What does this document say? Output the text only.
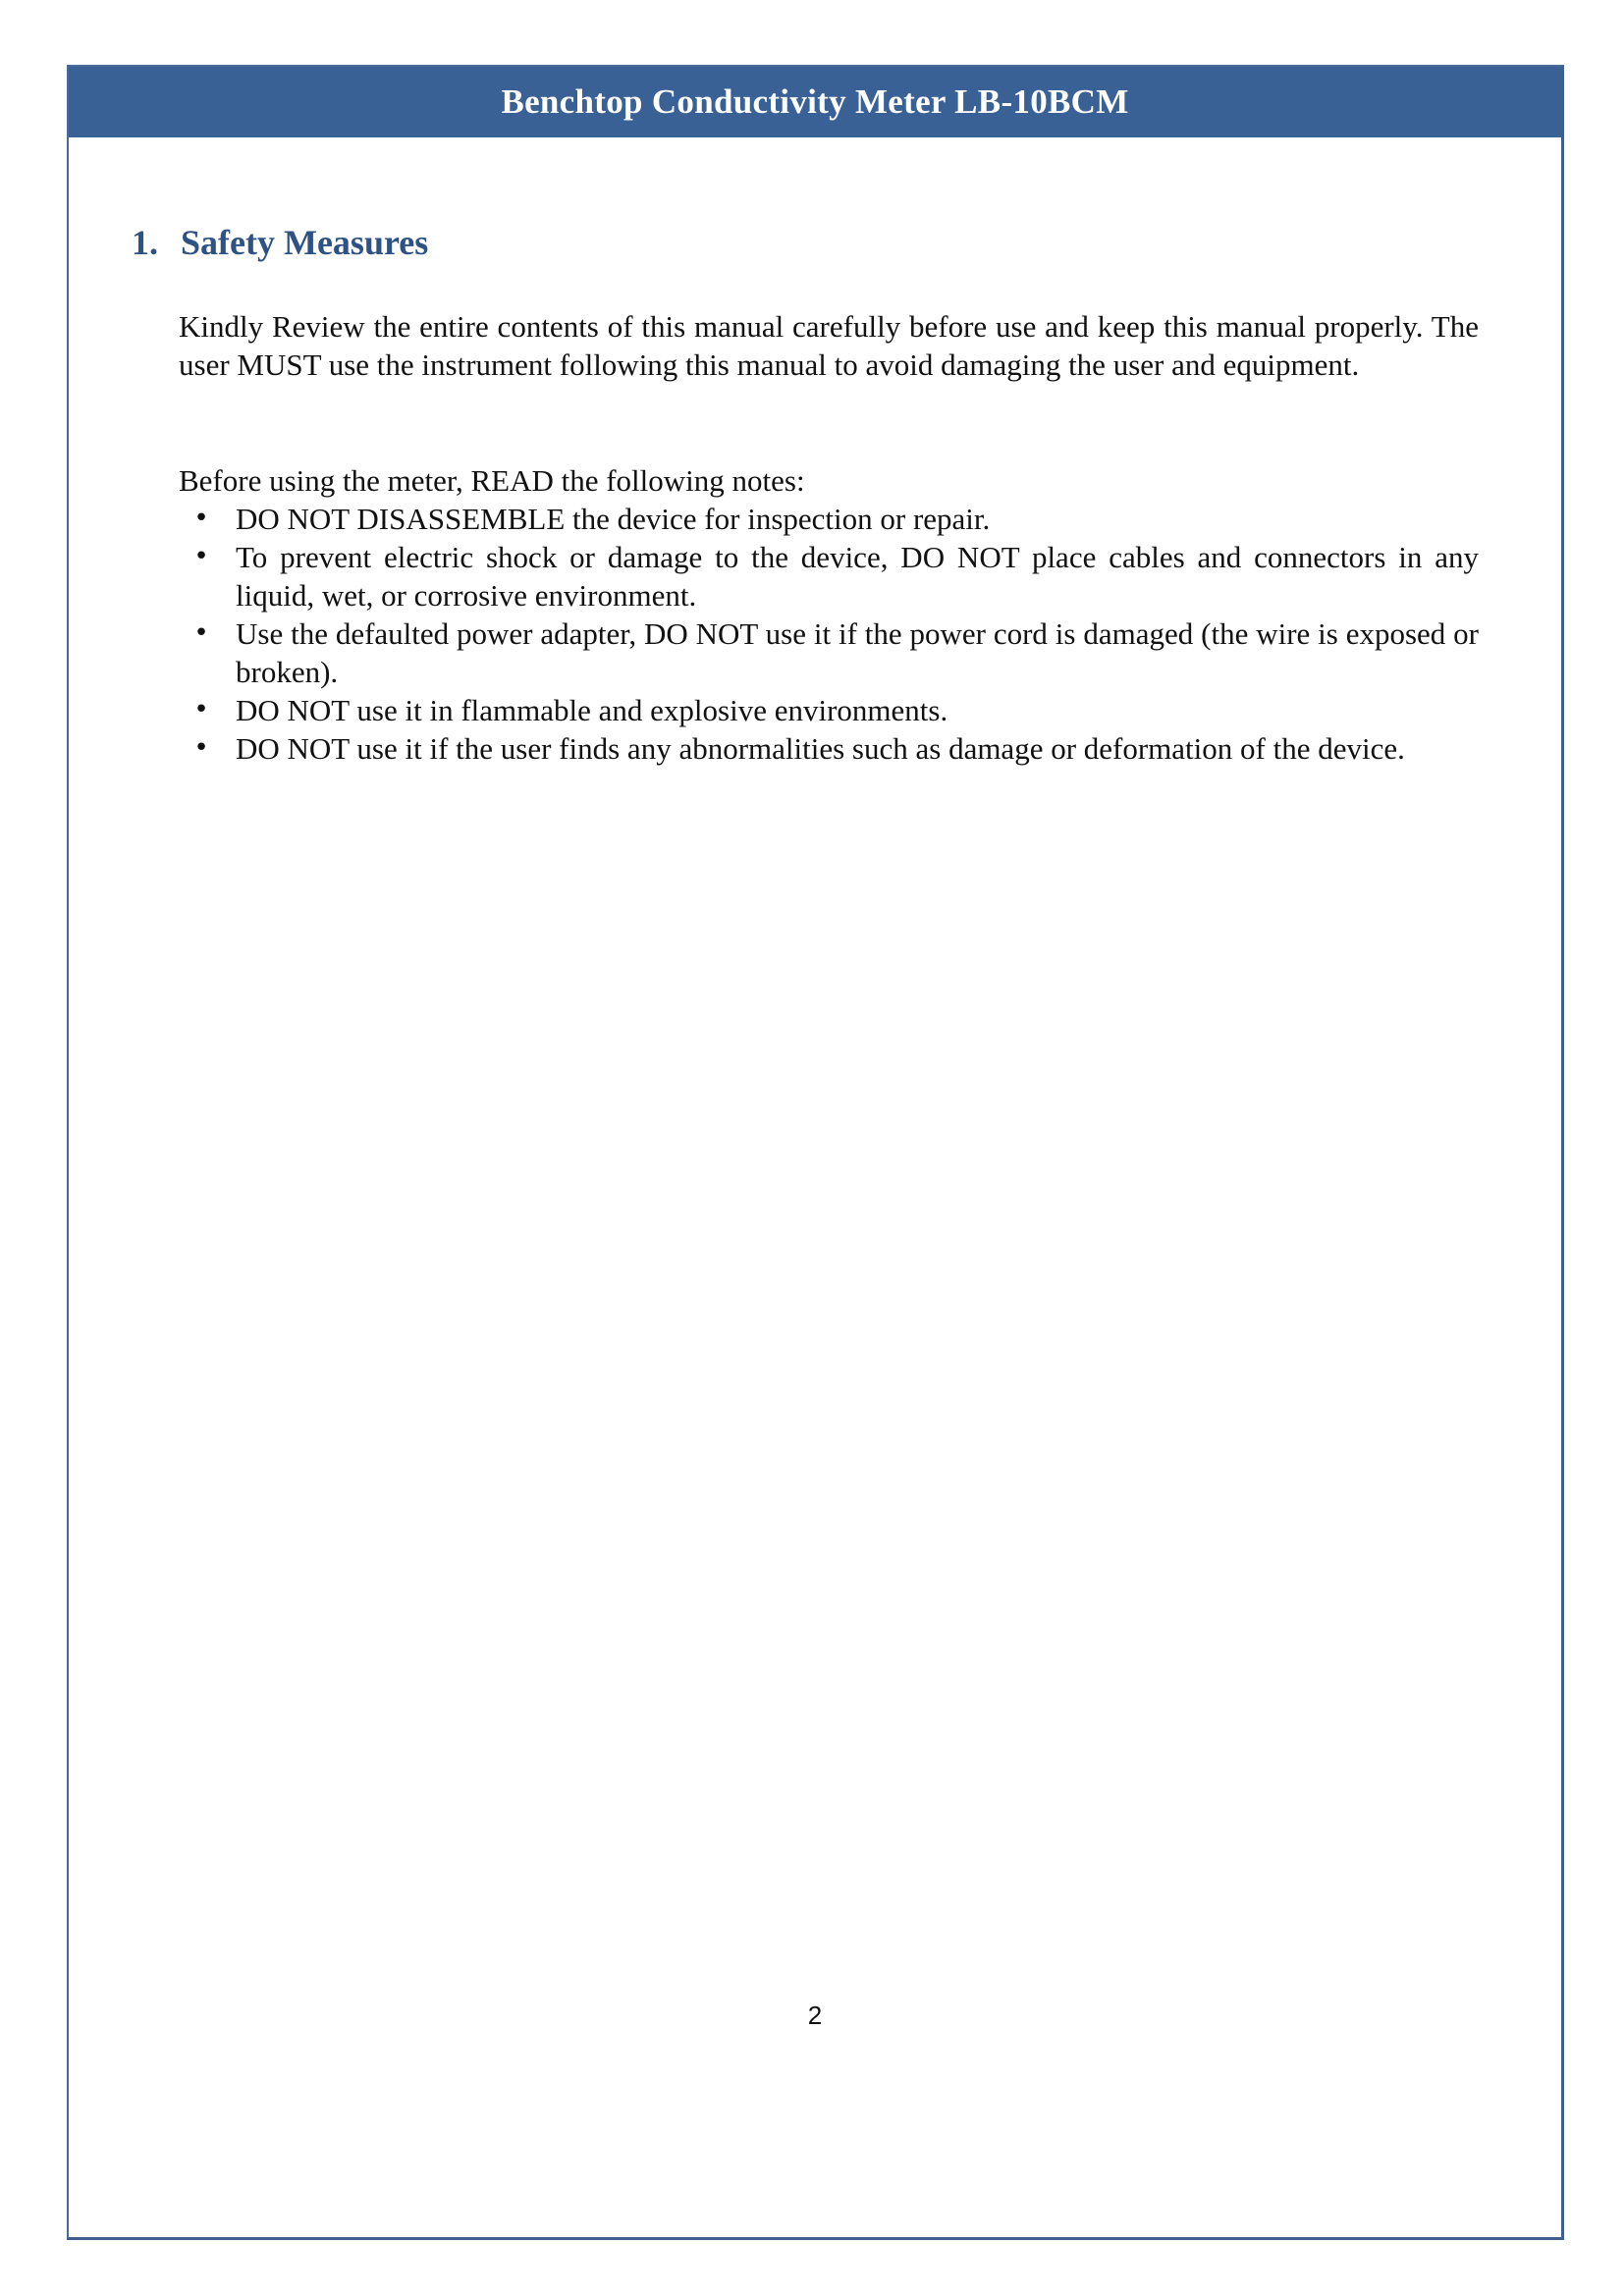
Benchtop Conductivity Meter LB-10BCM
1. Safety Measures

Kindly Review the entire contents of this manual carefully before use and keep this manual properly. The user MUST use the instrument following this manual to avoid damaging the user and equipment.

Before using the meter, READ the following notes:

• DO NOT DISASSEMBLE the device for inspection or repair.
• To prevent electric shock or damage to the device, DO NOT place cables and connectors in any liquid, wet, or corrosive environment.
• Use the defaulted power adapter, DO NOT use it if the power cord is damaged (the wire is exposed or broken).
• DO NOT use it in flammable and explosive environments.
• DO NOT use it if the user finds any abnormalities such as damage or deformation of the device.
2
